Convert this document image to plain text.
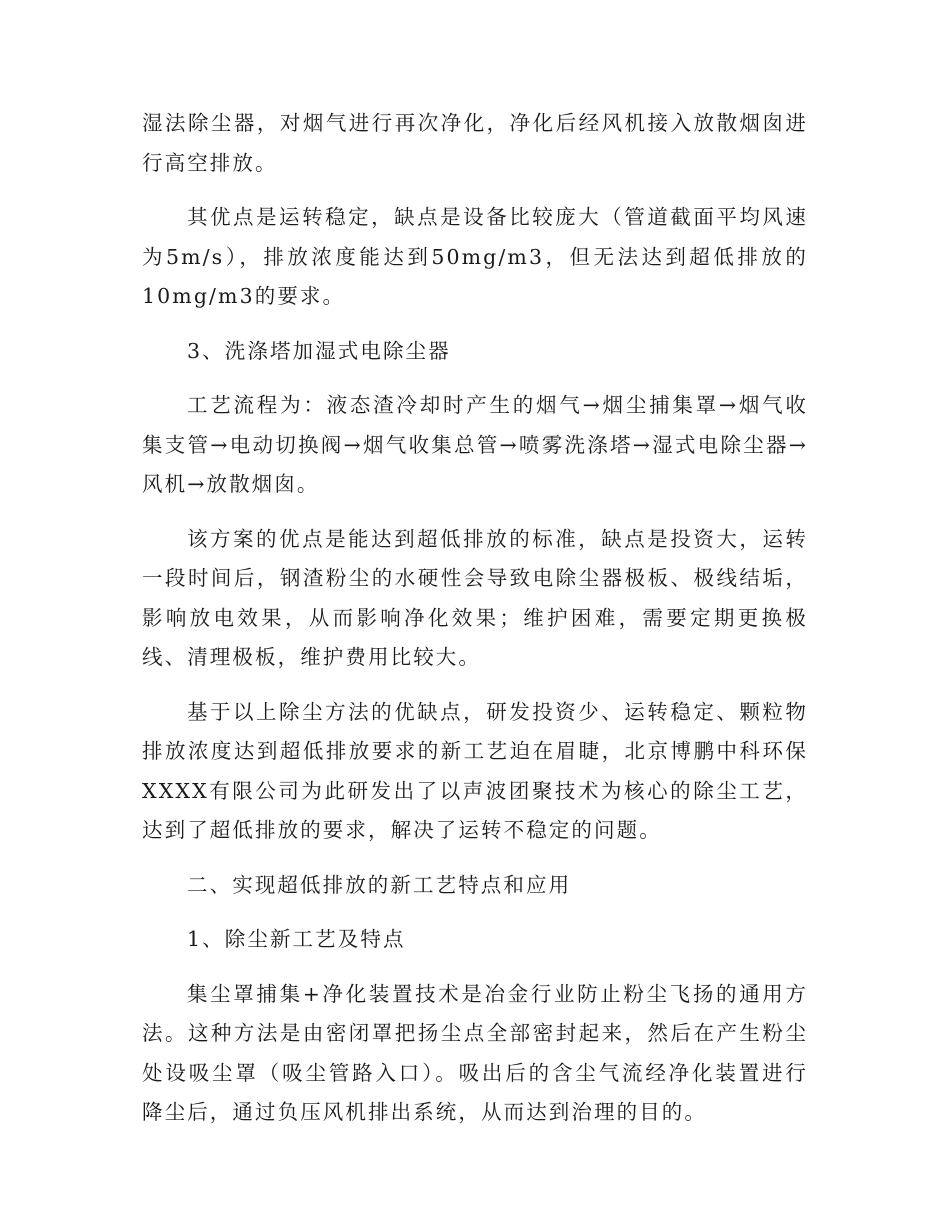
湿法除尘器，对烟气进行再次净化，净化后经风机接入放散烟囱进行高空排放。

其优点是运转稳定，缺点是设备比较庞大（管道截面平均风速为5m/s），排放浓度能达到50mg/m3，但无法达到超低排放的10mg/m3的要求。

3、洗涤塔加湿式电除尘器

工艺流程为：液态渣冷却时产生的烟气→烟尘捕集罩→烟气收集支管→电动切换阀→烟气收集总管→喷雾洗涤塔→湿式电除尘器→风机→放散烟囱。

该方案的优点是能达到超低排放的标准，缺点是投资大，运转一段时间后，钢渣粉尘的水硬性会导致电除尘器极板、极线结垢，影响放电效果，从而影响净化效果；维护困难，需要定期更换极线、清理极板，维护费用比较大。

基于以上除尘方法的优缺点，研发投资少、运转稳定、颗粒物排放浓度达到超低排放要求的新工艺迫在眉睫，北京博鹏中科环保XXXX有限公司为此研发出了以声波团聚技术为核心的除尘工艺，达到了超低排放的要求，解决了运转不稳定的问题。

二、实现超低排放的新工艺特点和应用

1、除尘新工艺及特点

集尘罩捕集+净化装置技术是冶金行业防止粉尘飞扬的通用方法。这种方法是由密闭罩把扬尘点全部密封起来，然后在产生粉尘处设吸尘罩（吸尘管路入口）。吸出后的含尘气流经净化装置进行降尘后，通过负压风机排出系统，从而达到治理的目的。
